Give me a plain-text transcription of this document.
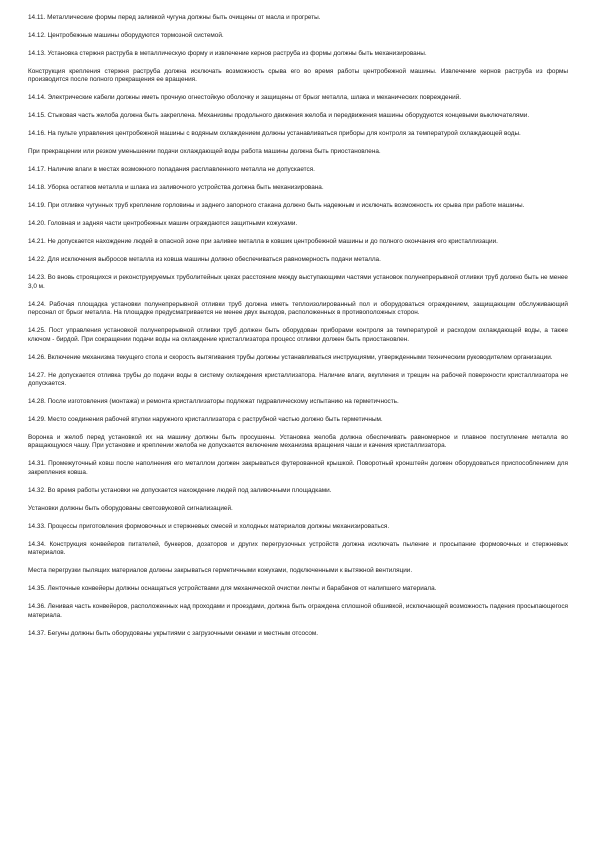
14.11. Металлические формы перед заливкой чугуна должны быть очищены от масла и прогреты.

14.12. Центробежные машины оборудуются тормозной системой.

14.13. Установка стержня раструба в металлическую форму и извлечение кернов раструба из формы должны быть механизированы.

Конструкция крепления стержня раструба должна исключать возможность срыва его во время работы центробежной машины. Извлечение кернов раструба из формы производится после полного прекращения ее вращения.

14.14. Электрические кабели должны иметь прочную огнестойкую оболочку и защищены от брызг металла, шлака и механических повреждений.

14.15. Стыковая часть желоба должна быть закреплена. Механизмы продольного движения желоба и передвижения машины оборудуются концевыми выключателями.

14.16. На пульте управления центробежной машины с водяным охлаждением должны устанавливаться приборы для контроля за температурой охлаждающей воды.

При прекращении или резком уменьшении подачи охлаждающей воды работа машины должна быть приостановлена.

14.17. Наличие влаги в местах возможного попадания расплавленного металла не допускается.

14.18. Уборка остатков металла и шлака из заливочного устройства должна быть механизирована.

14.19. При отливке чугунных труб крепление горловины и заднего запорного стакана должно быть надежным и исключать возможность их срыва при работе машины.

14.20. Головная и задняя части центробежных машин ограждаются защитными кожухами.

14.21. Не допускается нахождение людей в опасной зоне при заливке металла в ковшик центробежной машины и до полного окончания его кристаллизации.

14.22. Для исключения выбросов металла из ковша машины должно обеспечиваться равномерность подачи металла.

14.23. Во вновь строящихся и реконструируемых труболитейных цехах расстояние между выступающими частями установок полунепрерывной отливки труб должно быть не менее 3,0 м.

14.24. Рабочая площадка установки полунепрерывной отливки труб должна иметь теплоизолированный пол и оборудоваться ограждением, защищающим обслуживающий персонал от брызг металла. На площадке предусматривается не менее двух выходов, расположенных в противоположных сторон.

14.25. Пост управления установкой полунепрерывной отливки труб должен быть оборудован приборами контроля за температурой и расходом охлаждающей воды, а также ключом - бирдой. При сокращении подачи воды на охлаждение кристаллизатора процесс отливки должен быть приостановлен.

14.26. Включение механизма текущего стола и скорость вытягивания трубы должны устанавливаться инструкциями, утвержденными техническим руководителем организации.

14.27. Не допускается отливка трубы до подачи воды в систему охлаждения кристаллизатора. Наличие влаги, вкупления и трещин на рабочей поверхности кристаллизатора не допускается.

14.28. После изготовления (монтажа) и ремонта кристаллизаторы подлежат гидравлическому испытанию на герметичность.

14.29. Место соединения рабочей втулки наружного кристаллизатора с раструбной частью должно быть герметичным.

Воронка и желоб перед установкой их на машину должны быть просушены. Установка желоба должна обеспечивать равномерное и плавное поступление металла во вращающуюся чашу. При установке и креплении желоба не допускается включение механизма вращения чаши и качения кристаллизатора.

14.31. Промежуточный ковш после наполнения его металлом должен закрываться футерованной крышкой. Поворотный кронштейн должен оборудоваться приспособлением для закрепления ковша.

14.32. Во время работы установки не допускается нахождение людей под заливочными площадками.

Установки должны быть оборудованы светозвуковой сигнализацией.

14.33. Процессы приготовления формовочных и стержневых смесей и холодных материалов должны механизироваться.

14.34. Конструкция конвейеров питателей, бункеров, дозаторов и других перегрузочных устройств должна исключать пыление и просыпание формовочных и стержневых материалов.

Места перегрузки пылящих материалов должны закрываться герметичными кожухами, подключенными к вытяжной вентиляции.

14.35. Ленточные конвейеры должны оснащаться устройствами для механической очистки ленты и барабанов от налипшего материала.

14.36. Ленивая часть конвейеров, расположенных над проходами и проездами, должна быть ограждена сплошной обшивкой, исключающей возможность падения просыпающегося материала.

14.37. Бегуны должны быть оборудованы укрытиями с загрузочными окнами и местным отсосом.
